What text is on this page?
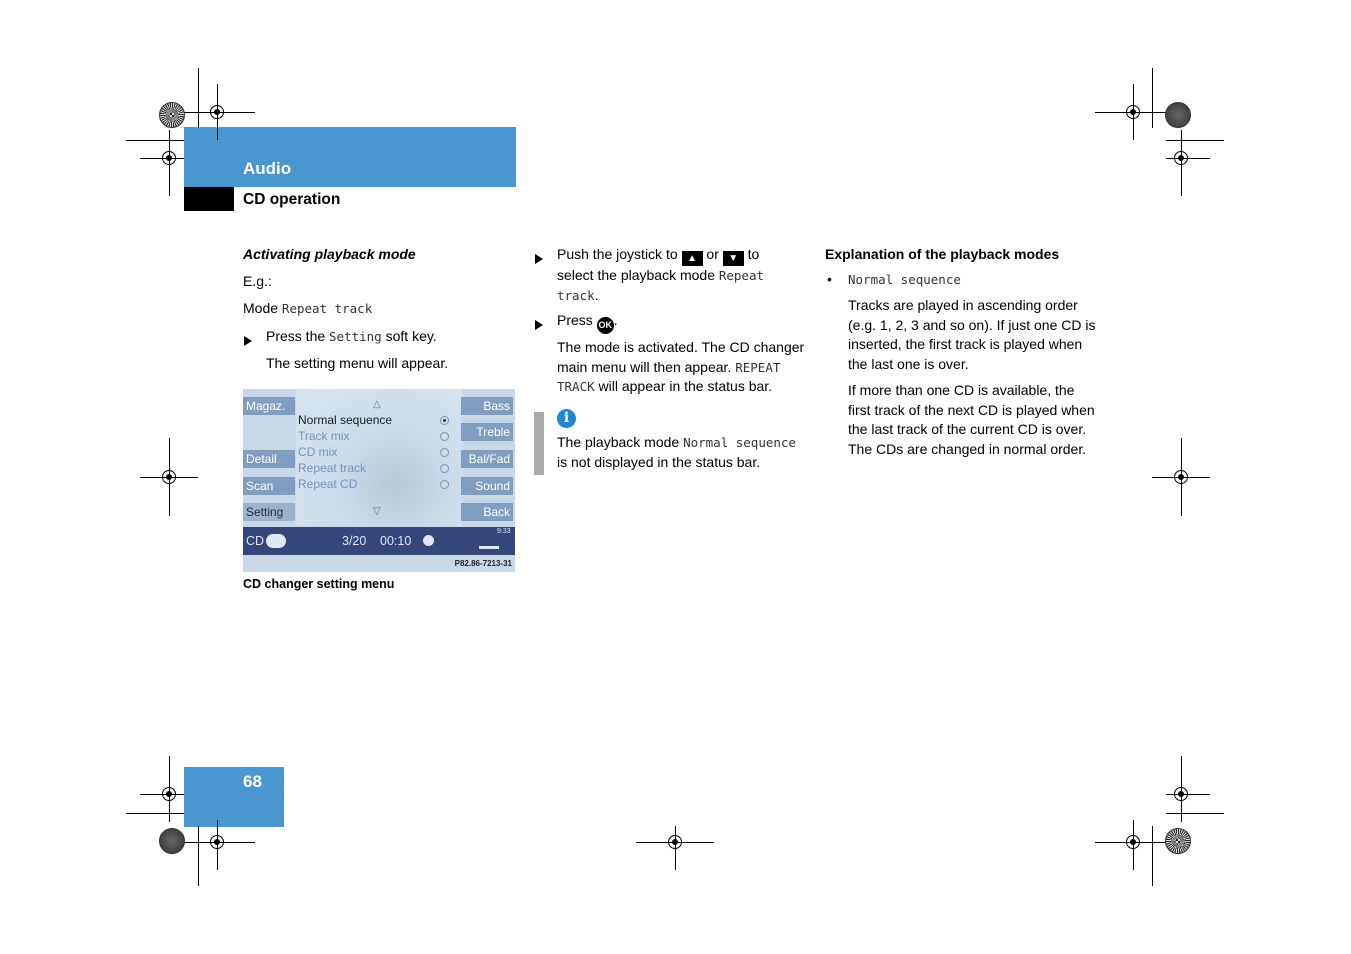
Audio
CD operation
Activating playback mode
E.g.:
Mode Repeat track
Press the Setting soft key.
The setting menu will appear.
Magaz.
Detail
Scan
Setting
Bass
Treble
Bal/Fad
Sound
Back
△
▽
Normal sequence
Track mix
CD mix
Repeat track
Repeat CD
CD	3/20 00:10
9:33
P82.86-7213-31
CD changer setting menu
Push the joystick to ▲ or ▼ to select the playback mode Repeat track.
Press OK .
The mode is activated. The CD changer main menu will then appear. REPEAT TRACK will appear in the status bar.
i
The playback mode Normal sequence is not displayed in the status bar.
Explanation of the playback modes
• Normal sequence
Tracks are played in ascending order (e.g. 1, 2, 3 and so on). If just one CD is inserted, the first track is played when the last one is over.
If more than one CD is available, the first track of the next CD is played when the last track of the current CD is over. The CDs are changed in normal order.
68
